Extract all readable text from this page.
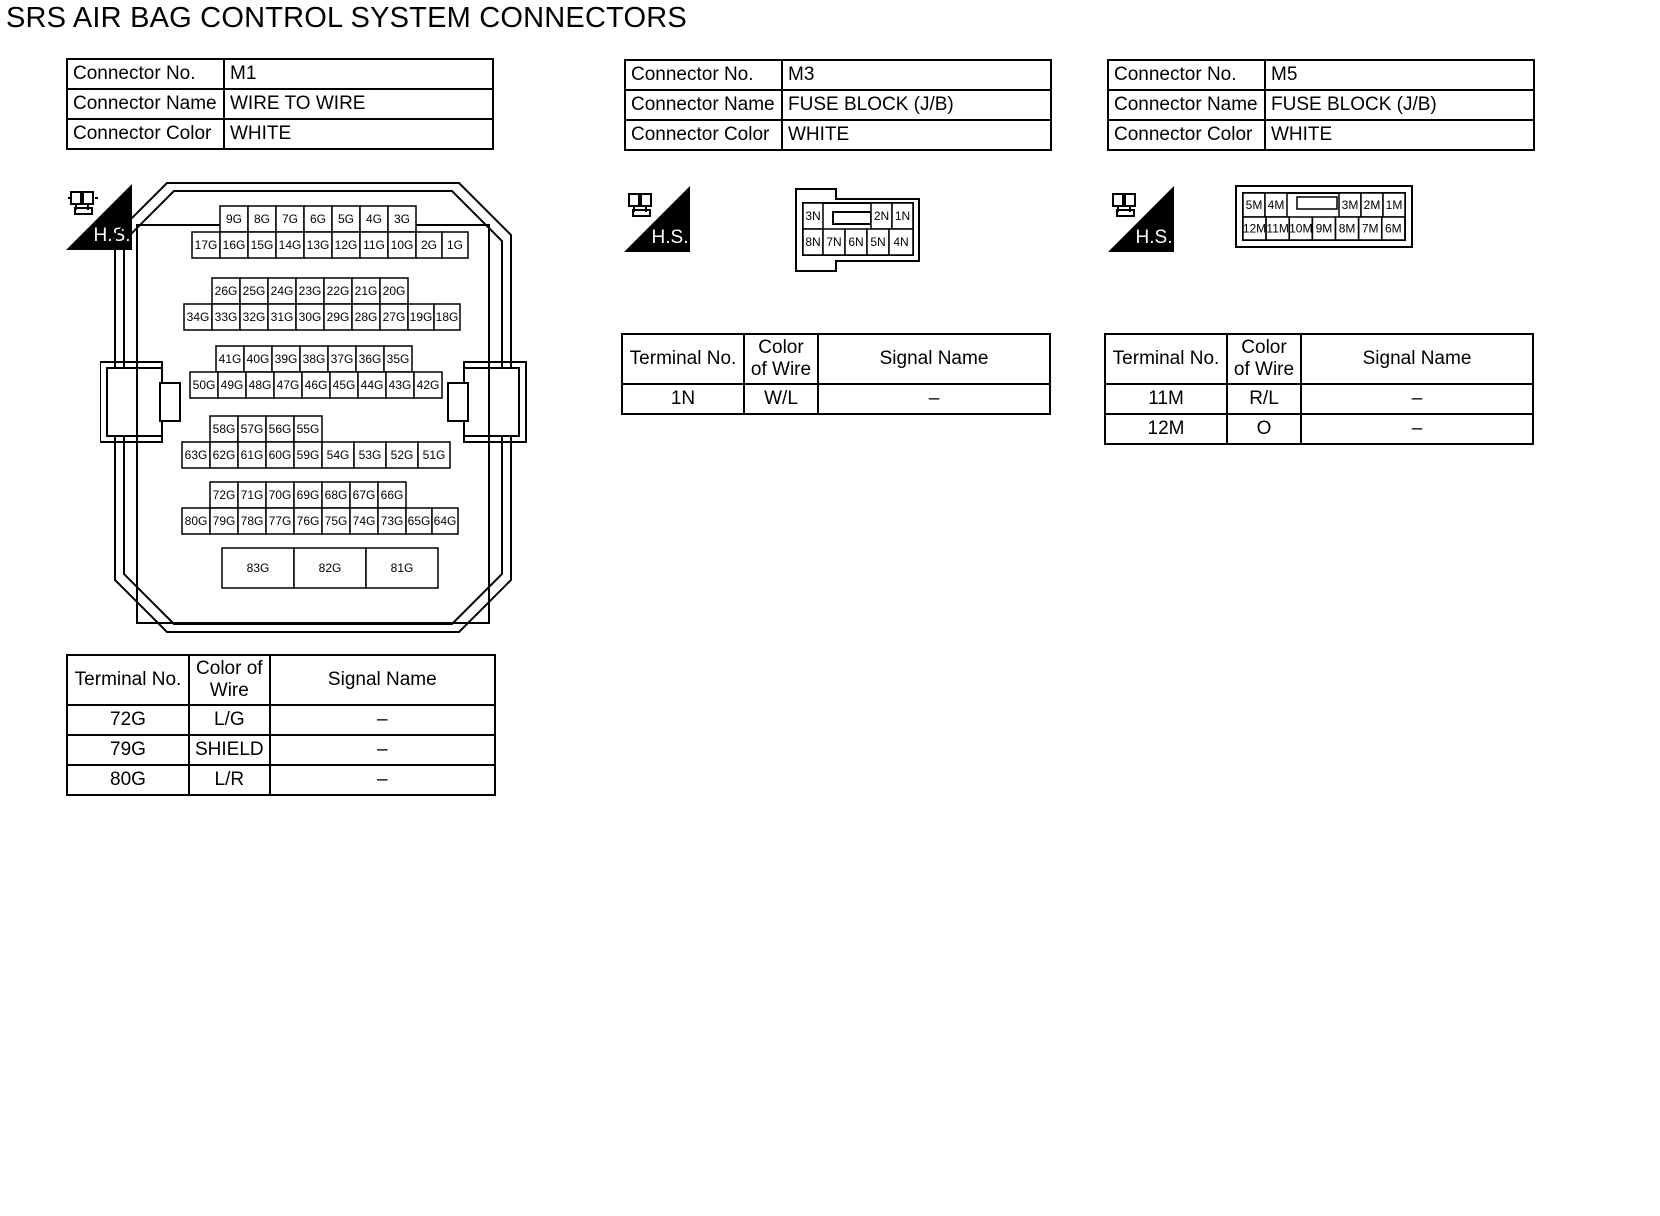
SRS AIR BAG CONTROL SYSTEM CONNECTORS
Connector No.	M1
Connector Name	WIRE TO WIRE
Connector Color	WHITE
H.S.
9G 8G 7G 6G 5G 4G 3G
17G 16G 15G 14G 13G 12G 11G 10G 2G 1G
26G 25G 24G 23G 22G 21G 20G
34G 33G 32G 31G 30G 29G 28G 27G 19G 18G
41G 40G 39G 38G 37G 36G 35G
50G 49G 48G 47G 46G 45G 44G 43G 42G
58G 57G 56G 55G
63G 62G 61G 60G 59G 54G 53G 52G 51G
72G 71G 70G 69G 68G 67G 66G
80G 79G 78G 77G 76G 75G 74G 73G 65G 64G
83G	82G	81G
Terminal No.	Color of Wire	Signal Name
72G	L/G	–
79G	SHIELD	–
80G	L/R	–
Connector No.	M3
Connector Name	FUSE BLOCK (J/B)
Connector Color	WHITE
H.S.
3N	2N 1N
8N 7N 6N 5N 4N
Terminal No.	Color of Wire	Signal Name
1N	W/L	–
Connector No.	M5
Connector Name	FUSE BLOCK (J/B)
Connector Color	WHITE
H.S.
5M 4M	3M 2M 1M
12M 11M 10M 9M 8M 7M 6M
Terminal No.	Color of Wire	Signal Name
11M	R/L	–
12M	O	–
